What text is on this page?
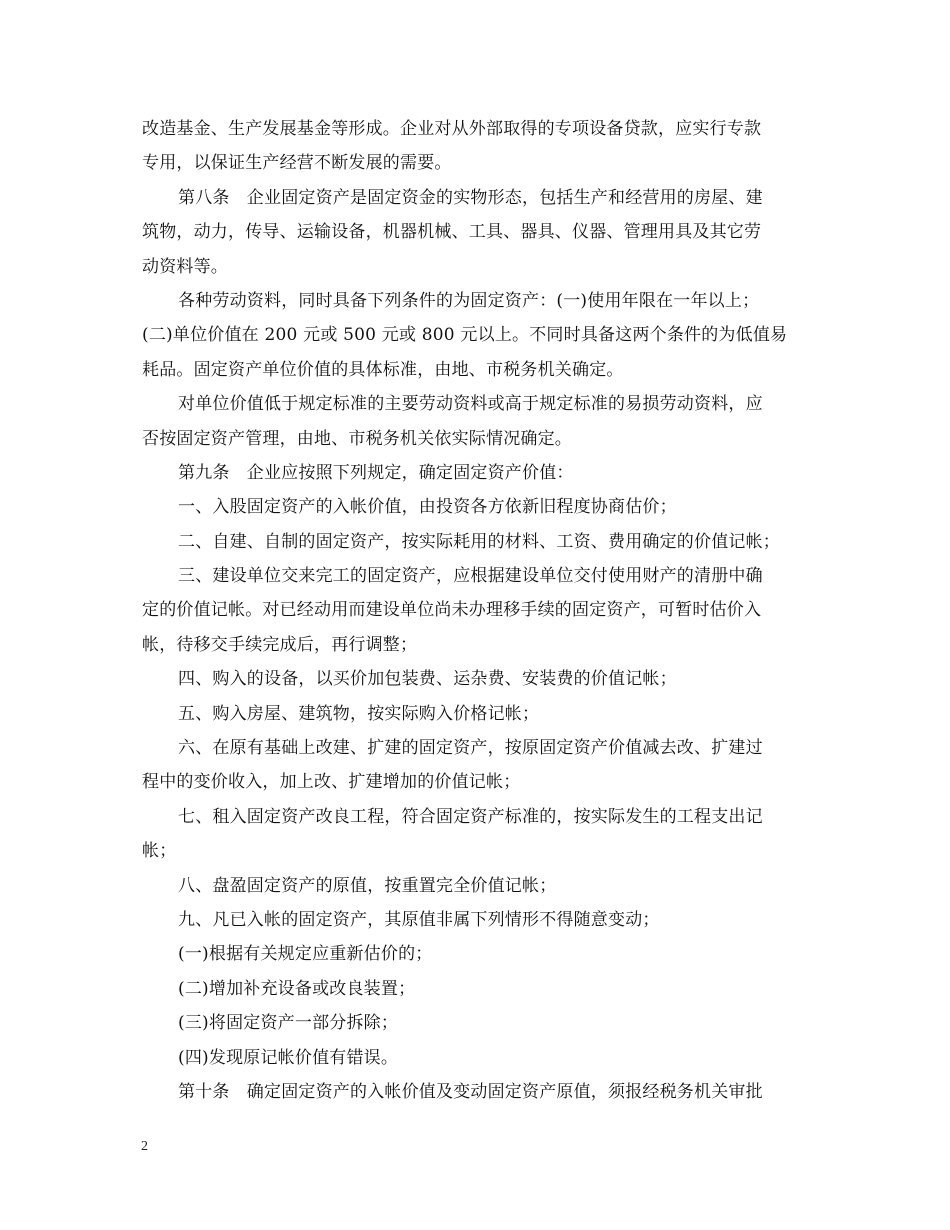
改造基金、生产发展基金等形成。企业对从外部取得的专项设备贷款，应实行专款
专用，以保证生产经营不断发展的需要。
第八条　企业固定资产是固定资金的实物形态，包括生产和经营用的房屋、建
筑物，动力，传导、运输设备，机器机械、工具、器具、仪器、管理用具及其它劳
动资料等。
各种劳动资料，同时具备下列条件的为固定资产：(一)使用年限在一年以上；
(二)单位价值在 200 元或 500 元或 800 元以上。不同时具备这两个条件的为低值易
耗品。固定资产单位价值的具体标准，由地、市税务机关确定。
对单位价值低于规定标准的主要劳动资料或高于规定标准的易损劳动资料，应
否按固定资产管理，由地、市税务机关依实际情况确定。
第九条　企业应按照下列规定，确定固定资产价值：
一、入股固定资产的入帐价值，由投资各方依新旧程度协商估价；
二、自建、自制的固定资产，按实际耗用的材料、工资、费用确定的价值记帐；
三、建设单位交来完工的固定资产，应根据建设单位交付使用财产的清册中确
定的价值记帐。对已经动用而建设单位尚未办理移手续的固定资产，可暂时估价入
帐，待移交手续完成后，再行调整；
四、购入的设备，以买价加包装费、运杂费、安装费的价值记帐；
五、购入房屋、建筑物，按实际购入价格记帐；
六、在原有基础上改建、扩建的固定资产，按原固定资产价值减去改、扩建过
程中的变价收入，加上改、扩建增加的价值记帐；
七、租入固定资产改良工程，符合固定资产标准的，按实际发生的工程支出记
帐；
八、盘盈固定资产的原值，按重置完全价值记帐；
九、凡已入帐的固定资产，其原值非属下列情形不得随意变动；
(一)根据有关规定应重新估价的；
(二)增加补充设备或改良装置；
(三)将固定资产一部分拆除；
(四)发现原记帐价值有错误。
第十条　确定固定资产的入帐价值及变动固定资产原值，须报经税务机关审批
2
